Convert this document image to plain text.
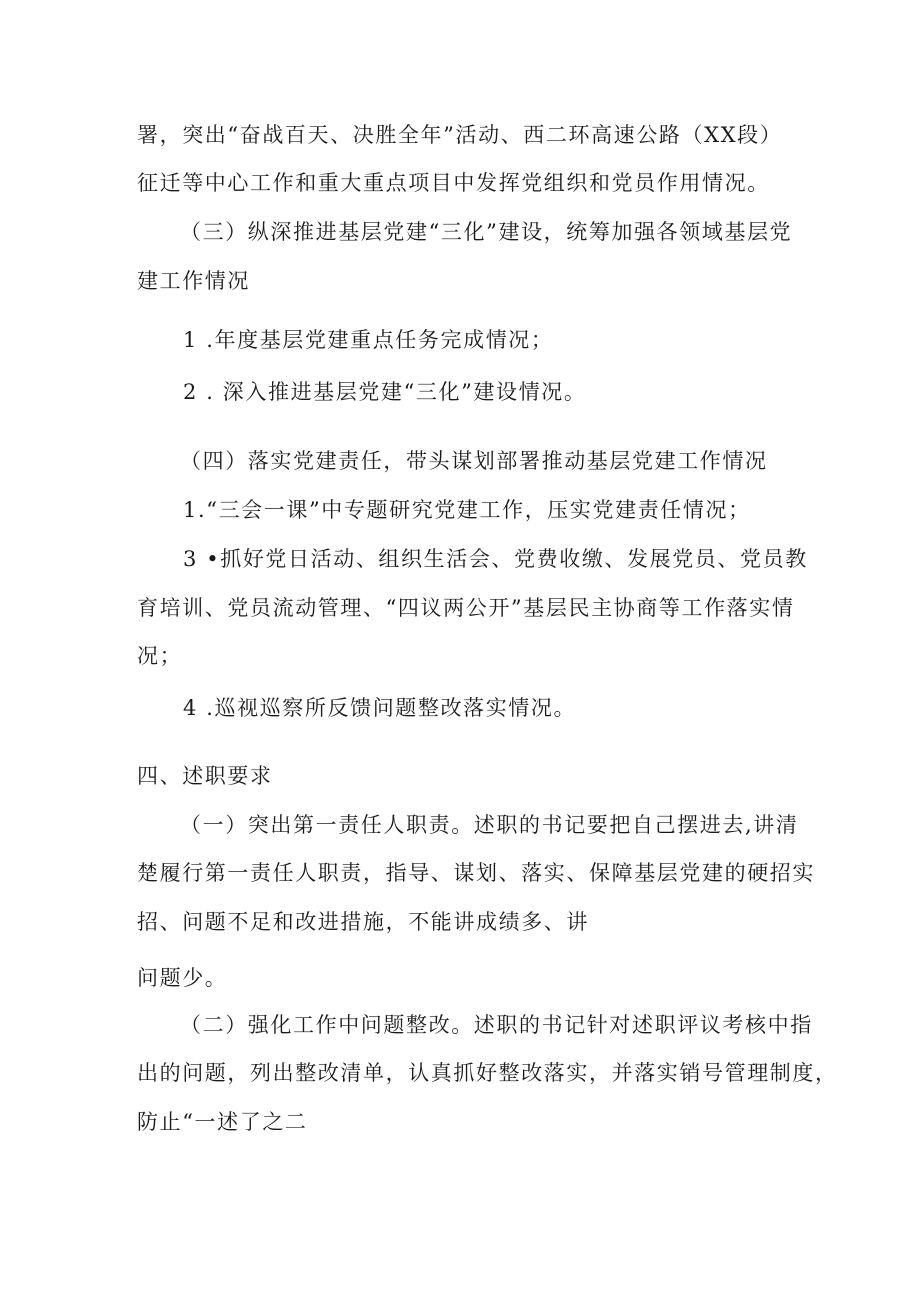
署，突出“奋战百天、决胜全年”活动、西二环高速公路（XX段）
征迁等中心工作和重大重点项目中发挥党组织和党员作用情况。
（三）纵深推进基层党建“三化”建设，统筹加强各领域基层党
建工作情况
1 .年度基层党建重点任务完成情况；
2 . 深入推进基层党建“三化”建设情况。
（四）落实党建责任，带头谋划部署推动基层党建工作情况
1.“三会一课”中专题研究党建工作，压实党建责任情况；
3 •抓好党日活动、组织生活会、党费收缴、发展党员、党员教
育培训、党员流动管理、“四议两公开”基层民主协商等工作落实情
况；
4 .巡视巡察所反馈问题整改落实情况。
四、述职要求
（一）突出第一责任人职责。述职的书记要把自己摆进去,讲清
楚履行第一责任人职责，指导、谋划、落实、保障基层党建的硬招实
招、问题不足和改进措施，不能讲成绩多、讲
问题少。
（二）强化工作中问题整改。述职的书记针对述职评议考核中指
出的问题，列出整改清单，认真抓好整改落实，并落实销号管理制度，
防止“一述了之二
